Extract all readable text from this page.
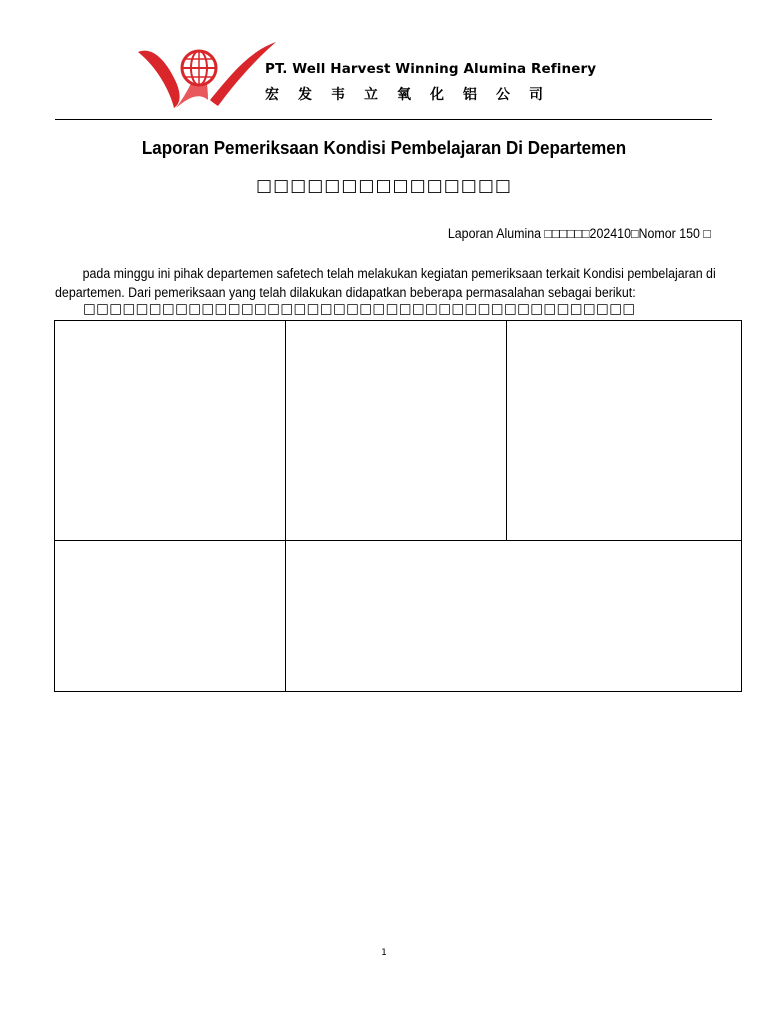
PT. Well Harvest Winning Alumina Refinery
宏发韦立氧化铝公司
Laporan Pemeriksaan Kondisi Pembelajaran Di Departemen
□□□□□□□□□□□□□□□
Laporan Alumina □□□□□□202410□Nomor 150 □
pada minggu ini pihak departemen safetech telah melakukan kegiatan pemeriksaan terkait Kondisi pembelajaran di departemen. Dari pemeriksaan yang telah dilakukan didapatkan beberapa permasalahan sebagai berikut:
□□□□□□□□□□□□□□□□□□□□□□□□□□□□□□□□□□□□□□□□□□

1
